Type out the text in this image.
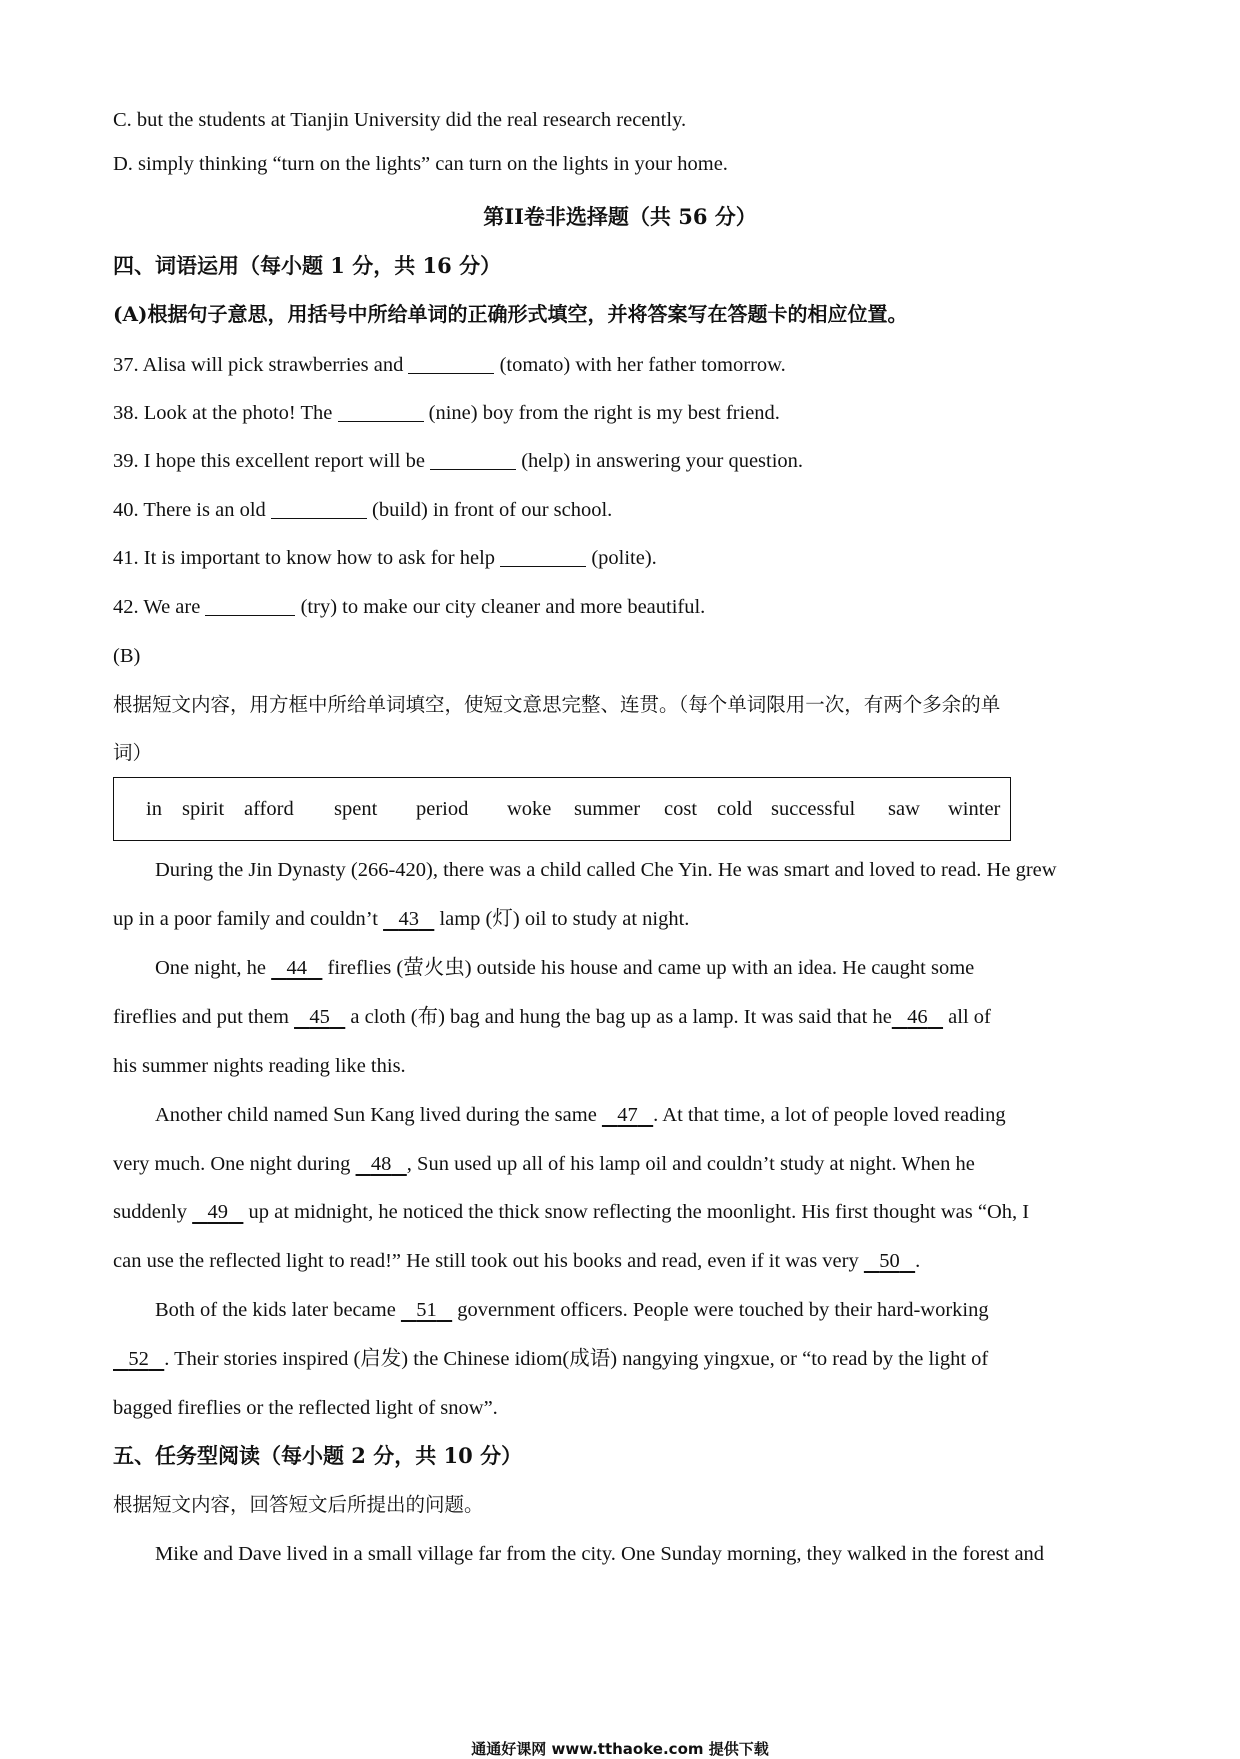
C. but the students at Tianjin University did the real research recently.
D. simply thinking “turn on the lights” can turn on the lights in your home.
第II卷非选择题（共 56 分）
四、词语运用（每小题 1 分，共 16 分）
(A)根据句子意思，用括号中所给单词的正确形式填空，并将答案写在答题卡的相应位置。
37. Alisa will pick strawberries and	(tomato) with her father tomorrow.
38. Look at the photo! The	(nine) boy from the right is my best friend.
39. I hope this excellent report will be	(help) in answering your question.
40. There is an old	(build) in front of our school.
41. It is important to know how to ask for help	(polite).
42. We are	(try) to make our city cleaner and more beautiful.
(B)
根据短文内容，用方框中所给单词填空，使短文意思完整、连贯。（每个单词限用一次，有两个多余的单
词）
in spirit afford spent period woke summer cost cold successful saw winter
During the Jin Dynasty (266-420), there was a child called Che Yin. He was smart and loved to read. He grew
up in a poor family and couldn’t    43    lamp (灯) oil to study at night.
One night, he    44    fireflies (萤火虫) outside his house and came up with an idea. He caught some
fireflies and put them    45    a cloth (布) bag and hung the bag up as a lamp. It was said that he 46    all of
his summer nights reading like this.
Another child named Sun Kang lived during the same    47 . At that time, a lot of people loved reading
very much. One night during    48 , Sun used up all of his lamp oil and couldn’t study at night. When he
suddenly    49    up at midnight, he noticed the thick snow reflecting the moonlight. His first thought was “Oh, I
can use the reflected light to read!” He still took out his books and read, even if it was very    50 .
Both of the kids later became    51    government officers. People were touched by their hard-working
52 . Their stories inspired (启发) the Chinese idiom(成语) nangying yingxue, or “to read by the light of
bagged fireflies or the reflected light of snow”.
五、任务型阅读（每小题 2 分，共 10 分）
根据短文内容，回答短文后所提出的问题。
Mike and Dave lived in a small village far from the city. One Sunday morning, they walked in the forest and
通通好课网 www.tthaoke.com 提供下载
